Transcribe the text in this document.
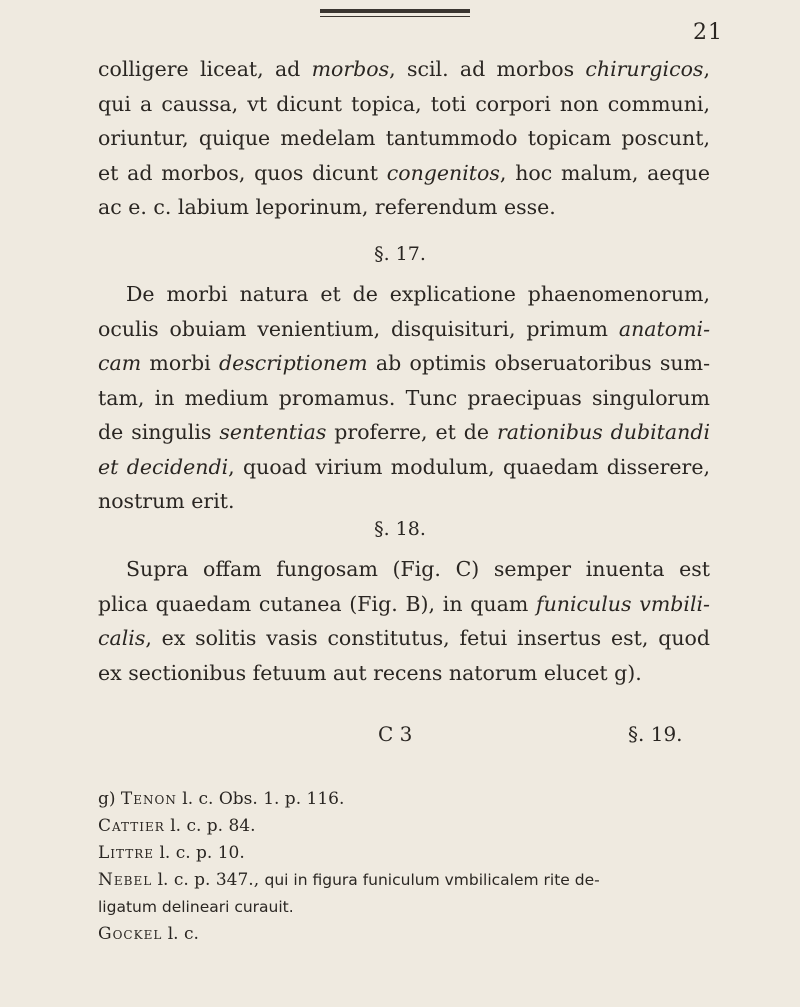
21
colligere liceat, ad morbos, scil. ad morbos chirurgicos,
qui a caussa, vt dicunt topica, toti corpori non communi,
oriuntur, quique medelam tantummodo topicam poscunt,
et ad morbos, quos dicunt congenitos, hoc malum, aeque
ac e. c. labium leporinum, referendum esse.
§. 17.
De morbi natura et de explicatione phaenomenorum,
oculis obuiam venientium, disquisituri, primum anatomi-
cam morbi descriptionem ab optimis obseruatoribus sum-
tam, in medium promamus. Tunc praecipuas singulorum
de singulis sententias proferre, et de rationibus dubitandi
et decidendi, quoad virium modulum, quaedam disserere,
nostrum erit.
§. 18.
Supra offam fungosam (Fig. C) semper inuenta est
plica quaedam cutanea (Fig. B), in quam funiculus vmbili-
calis, ex solitis vasis constitutus, fetui insertus est, quod
ex sectionibus fetuum aut recens natorum elucet g).
C 3	§. 19.
g) Tenon l. c. Obs. 1. p. 116.
Cattier l. c. p. 84.
Littre l. c. p. 10.
Nebel l. c. p. 347., qui in figura funiculum vmbilicalem rite de-
ligatum delineari curauit.
Gockel l. c.
